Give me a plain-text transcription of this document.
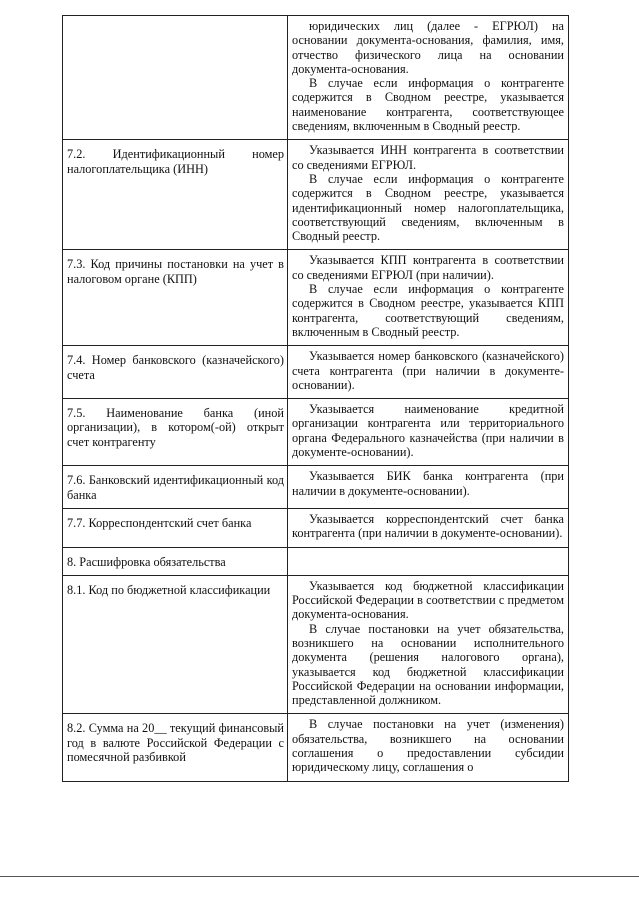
	юридических лиц (далее - ЕГРЮЛ) на основании документа-основания, фамилия, имя, отчество физического лица на основании документа-основания.

В случае если информация о контрагенте содержится в Сводном реестре, указывается наименование контрагента, соответствующее сведениям, включенным в Сводный реестр.

7.2. Идентификационный номер налогоплательщика (ИНН)	Указывается ИНН контрагента в соответствии со сведениями ЕГРЮЛ.

В случае если информация о контрагенте содержится в Сводном реестре, указывается идентификационный номер налогоплательщика, соответствующий сведениям, включенным в Сводный реестр.

7.3. Код причины постановки на учет в налоговом органе (КПП)	Указывается КПП контрагента в соответствии со сведениями ЕГРЮЛ (при наличии).

В случае если информация о контрагенте содержится в Сводном реестре, указывается КПП контрагента, соответствующий сведениям, включенным в Сводный реестр.

7.4. Номер банковского (казначейского) счета	Указывается номер банковского (казначейского) счета контрагента (при наличии в документе-основании).

7.5. Наименование банка (иной организации), в котором(-ой) открыт счет контрагенту	Указывается наименование кредитной организации контрагента или территориального органа Федерального казначейства (при наличии в документе-основании).

7.6. Банковский идентификационный код банка	Указывается БИК банка контрагента (при наличии в документе-основании).

7.7. Корреспондентский счет банка	Указывается корреспондентский счет банка контрагента (при наличии в документе-основании).

8. Расшифровка обязательства	
8.1. Код по бюджетной классификации	Указывается код бюджетной классификации Российской Федерации в соответствии с предметом документа-основания.

В случае постановки на учет обязательства, возникшего на основании исполнительного документа (решения налогового органа), указывается код бюджетной классификации Российской Федерации на основании информации, представленной должником.

8.2. Сумма на 20__ текущий финансовый год в валюте Российской Федерации с помесячной разбивкой	В случае постановки на учет (изменения) обязательства, возникшего на основании соглашения о предоставлении субсидии юридическому лицу, соглашения о
